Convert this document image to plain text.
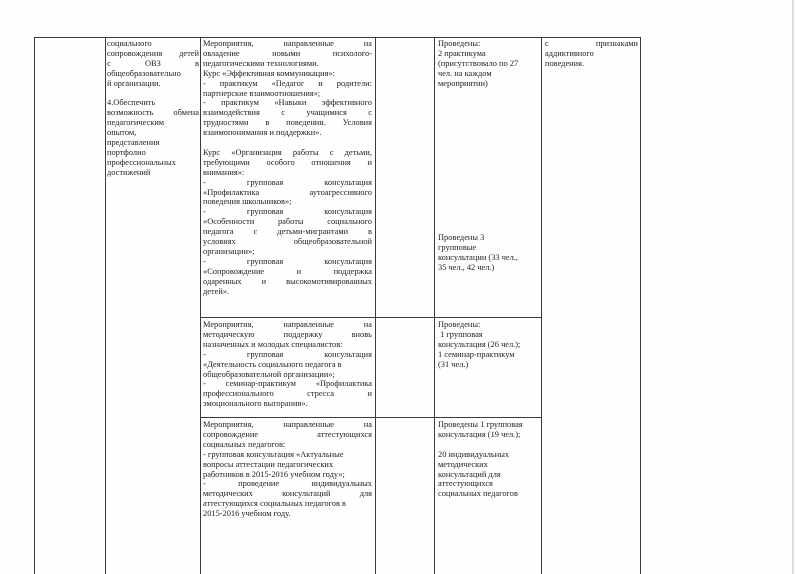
социального

сопровождения детей

с ОВЗ в

общеобразовательно

й организации.

4.Обеспечить

возможность обмена

педагогическим

опытом,

представления

портфолио

профессиональных

достижений

Мероприятия, направленные на

овладение новыми психолого-

педагогическими технологиями.

Курс «Эффективная коммуникация»:

- практикум «Педагог и родители:

партнерские взаимоотношения»;

- практикум «Навыки эффективного

взаимодействия с учащимися с

трудностями в поведении. Условия

взаимопонимания и поддержки».

Курс «Организация работы с детьми,

требующими особого отношения и

внимания»:

- групповая консультация

«Профилактика аутоагрессивного

поведения школьников»;

- групповая консультация

«Особенности работы социального

педагога с детьми-мигрантами в

условиях общеобразовательной

организации»;

- групповая консультация

«Сопровождение и поддержка

одаренных и высокомотивированных

детей».

Мероприятия, направленные на

методическую поддержку вновь

назначенных и молодых специалистов:

- групповая консультация

«Деятельность социального педагога в

общеобразовательной организации»;

- семинар-практикум «Профилактика

профессионального стресса и

эмоционального выгорания».

Мероприятия, направленные на

сопровождение аттестующихся

социальных педагогов:

- групповая консультация «Актуальные

вопросы аттестации педагогических

работников в 2015-2016 учебном году»;

- проведение индивидуальных

методических консультаций для

аттестующихся социальных педагогов в

2015-2016 учебном году.

Проведены:

2 практикума

(присутствовало по 27

чел. на каждом

мероприятии)

Проведены 3

групповые

консультации (33 чел.,

35 чел., 42 чел.)

Проведены:

1 групповая

консультация (26 чел.);

1 семинар-практикум

(31 чел.)

Проведены 1 групповая

консультация (19 чел.);

20 индивидуальных

методических

консультаций для

аттестующихся

социальных педагогов

с признаками

аддиктивного

поведения.
